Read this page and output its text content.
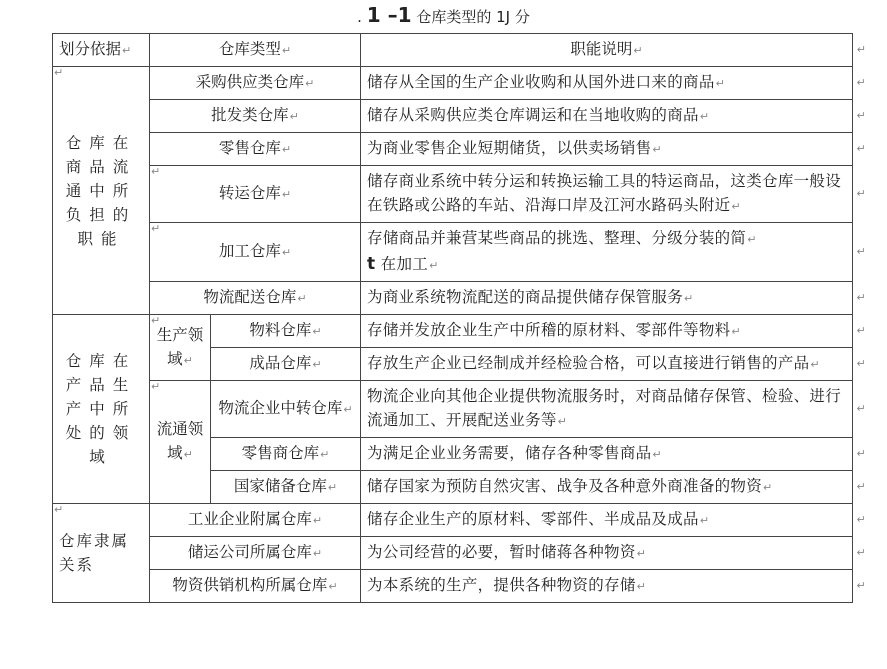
. 1 –1 仓库类型的 1J 分
划分依据↵	仓库类型↵		职能说明↵ ↵

↵
仓库在商品流通中所负担的职能	采购供应类仓库↵		储存从全国的生产企业收购和从国外进口来的商品↵ ↵

	批发类仓库↵		储存从采购供应类仓库调运和在当地收购的商品↵ ↵

	零售仓库↵		为商业零售企业短期储货，以供卖场销售↵ ↵

	↵
转运仓库↵		储存商业系统中转分运和转换运输工具的特运商品，这类仓库一般设在铁路或公路的车站、沿海口岸及江河水路码头附近↵
↵

	↵
加工仓库↵		存储商品并兼营某些商品的挑选、整理、分级分装的简↵
t 在加工↵
↵

	物流配送仓库↵		为商业系统物流配送的商品提供储存保管服务↵ ↵

仓库在产品生产中所处的领域	↵
生产领域↵	物料仓库↵	存储并发放企业生产中所稽的原材料、零部件等物料↵ ↵

		成品仓库↵	存放生产企业已经制成并经检验合格，可以直接进行销售的产品↵ ↵

	↵
流通领域↵	物流企业中转仓库↵	物流企业向其他企业提供物流服务时，对商品储存保管、检验、进行流通加工、开展配送业务等↵
↵

		零售商仓库↵	为满足企业业务需要，储存各种零售商品↵ ↵

		国家储备仓库↵	储存国家为预防自然灾害、战争及各种意外商准备的物资↵ ↵

↵
仓库隶属关系	工业企业附属仓库↵		储存企业生产的原材料、零部件、半成品及成品↵ ↵

	储运公司所属仓库↵		为公司经营的必要，暂时储蒋各种物资↵ ↵

	物资供销机构所属仓库↵		为本系统的生产，提供各种物资的存储↵ ↵
